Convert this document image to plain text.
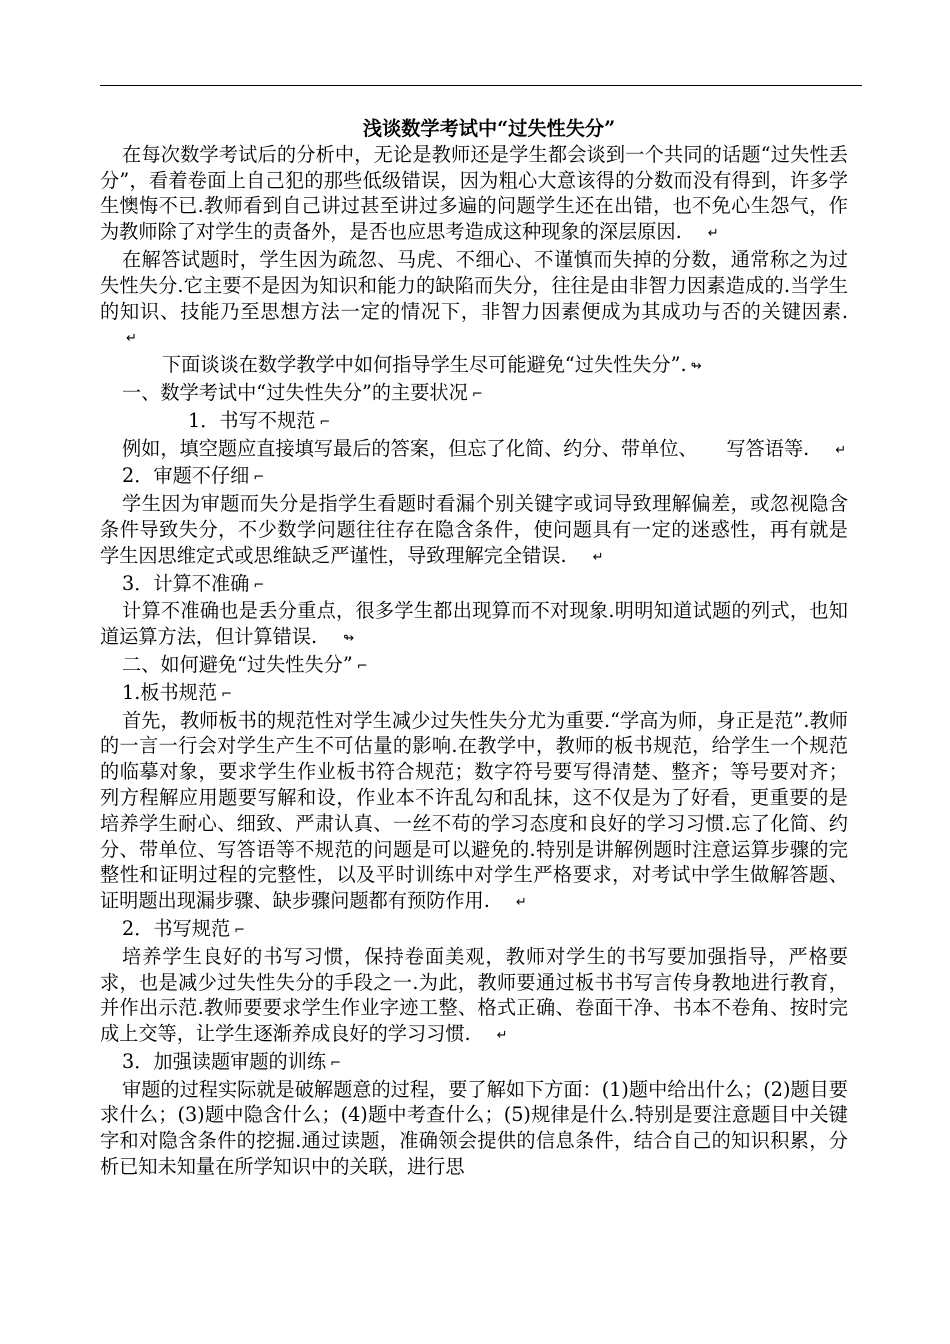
浅谈数学考试中“过失性失分”

在每次数学考试后的分析中，无论是教师还是学生都会谈到一个共同的话题“过失性丢分”，看着卷面上自己犯的那些低级错误，因为粗心大意该得的分数而没有得到，许多学生懊悔不已.教师看到自己讲过甚至讲过多遍的问题学生还在出错，也不免心生怨气，作为教师除了对学生的责备外，是否也应思考造成这种现象的深层原因. ↵

在解答试题时，学生因为疏忽、马虎、不细心、不谨慎而失掉的分数，通常称之为过失性失分.它主要不是因为知识和能力的缺陷而失分，往往是由非智力因素造成的.当学生的知识、技能乃至思想方法一定的情况下，非智力因素便成为其成功与否的关键因素.↵

下面谈谈在数学教学中如何指导学生尽可能避免“过失性失分”. ↬

一、数学考试中“过失性失分”的主要状况 ⌐

1．书写不规范 ⌐

例如，填空题应直接填写最后的答案，但忘了化简、约分、带单位、　　写答语等. ↵

2．审题不仔细 ⌐

学生因为审题而失分是指学生看题时看漏个别关键字或词导致理解偏差，或忽视隐含条件导致失分，不少数学问题往往存在隐含条件，使问题具有一定的迷惑性，再有就是学生因思维定式或思维缺乏严谨性，导致理解完全错误. ↵

3．计算不准确 ⌐

计算不准确也是丢分重点，很多学生都出现算而不对现象.明明知道试题的列式，也知道运算方法，但计算错误. ↬

二、如何避免“过失性失分” ⌐

1.板书规范 ⌐

首先，教师板书的规范性对学生减少过失性失分尤为重要.“学高为师，身正是范”.教师的一言一行会对学生产生不可估量的影响.在教学中，教师的板书规范，给学生一个规范的临摹对象，要求学生作业板书符合规范；数字符号要写得清楚、整齐；等号要对齐；列方程解应用题要写解和设，作业本不许乱勾和乱抹，这不仅是为了好看，更重要的是培养学生耐心、细致、严肃认真、一丝不苟的学习态度和良好的学习习惯.忘了化简、约分、带单位、写答语等不规范的问题是可以避免的.特别是讲解例题时注意运算步骤的完整性和证明过程的完整性，以及平时训练中对学生严格要求，对考试中学生做解答题、证明题出现漏步骤、缺步骤问题都有预防作用. ↵

2．书写规范 ⌐

培养学生良好的书写习惯，保持卷面美观，教师对学生的书写要加强指导，严格要求，也是减少过失性失分的手段之一.为此，教师要通过板书书写言传身教地进行教育，并作出示范.教师要要求学生作业字迹工整、格式正确、卷面干净、书本不卷角、按时完成上交等，让学生逐渐养成良好的学习习惯. ↵

3．加强读题审题的训练 ⌐

审题的过程实际就是破解题意的过程，要了解如下方面：(1)题中给出什么；(2)题目要求什么；(3)题中隐含什么；(4)题中考查什么；(5)规律是什么.特别是要注意题目中关键字和对隐含条件的挖掘.通过读题，准确领会提供的信息条件，结合自己的知识积累，分析已知未知量在所学知识中的关联，进行思
